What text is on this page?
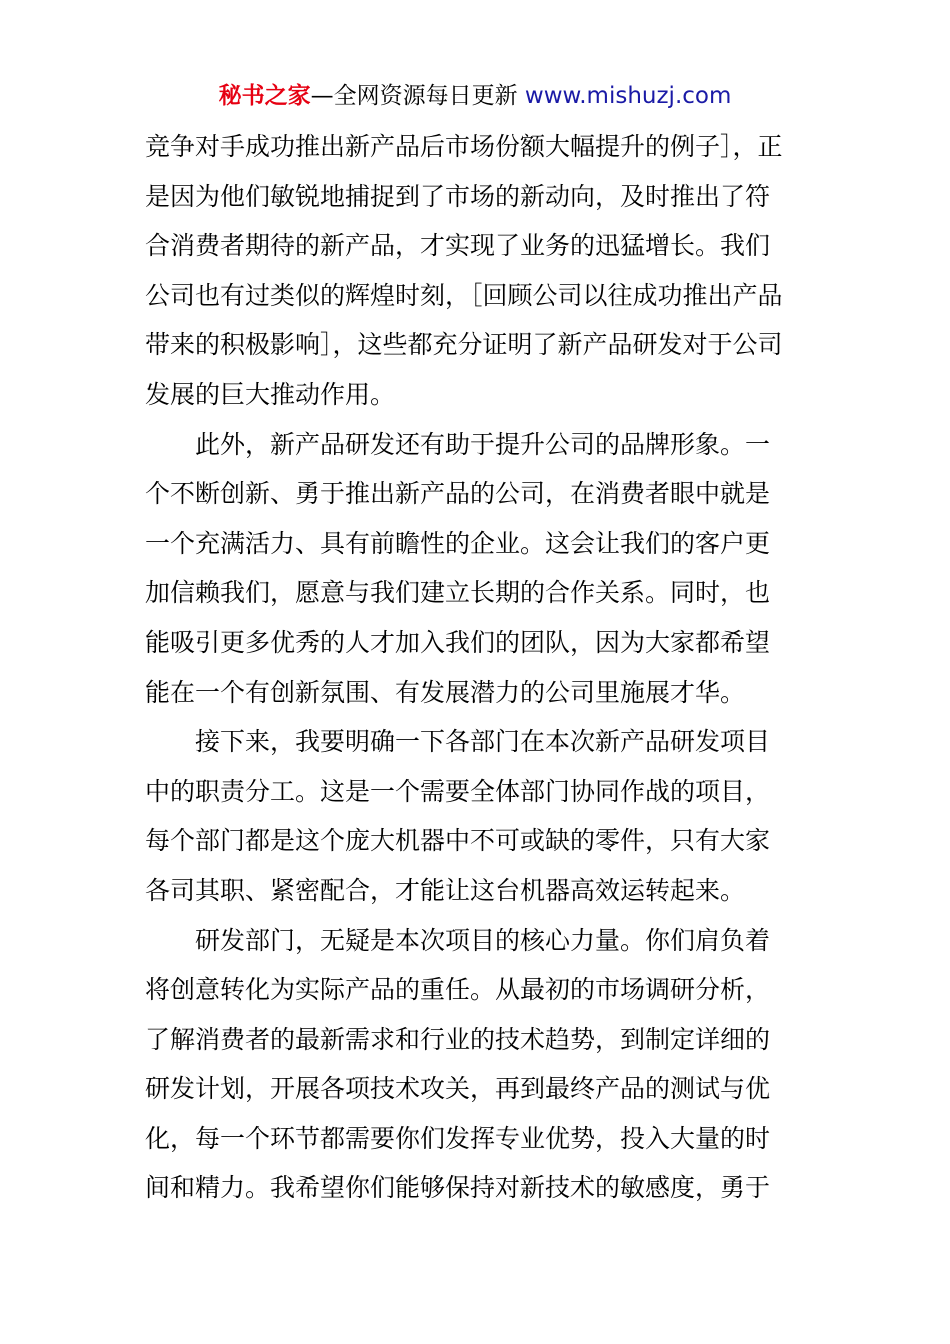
秘书之家—全网资源每日更新 www.mishuzj.com
竞争对手成功推出新产品后市场份额大幅提升的例子］，正
是因为他们敏锐地捕捉到了市场的新动向，及时推出了符
合消费者期待的新产品，才实现了业务的迅猛增长。我们
公司也有过类似的辉煌时刻，［回顾公司以往成功推出产品
带来的积极影响］，这些都充分证明了新产品研发对于公司
发展的巨大推动作用。
此外，新产品研发还有助于提升公司的品牌形象。一
个不断创新、勇于推出新产品的公司，在消费者眼中就是
一个充满活力、具有前瞻性的企业。这会让我们的客户更
加信赖我们，愿意与我们建立长期的合作关系。同时，也
能吸引更多优秀的人才加入我们的团队，因为大家都希望
能在一个有创新氛围、有发展潜力的公司里施展才华。
接下来，我要明确一下各部门在本次新产品研发项目
中的职责分工。这是一个需要全体部门协同作战的项目，
每个部门都是这个庞大机器中不可或缺的零件，只有大家
各司其职、紧密配合，才能让这台机器高效运转起来。
研发部门，无疑是本次项目的核心力量。你们肩负着
将创意转化为实际产品的重任。从最初的市场调研分析，
了解消费者的最新需求和行业的技术趋势，到制定详细的
研发计划，开展各项技术攻关，再到最终产品的测试与优
化，每一个环节都需要你们发挥专业优势，投入大量的时
间和精力。我希望你们能够保持对新技术的敏感度，勇于
